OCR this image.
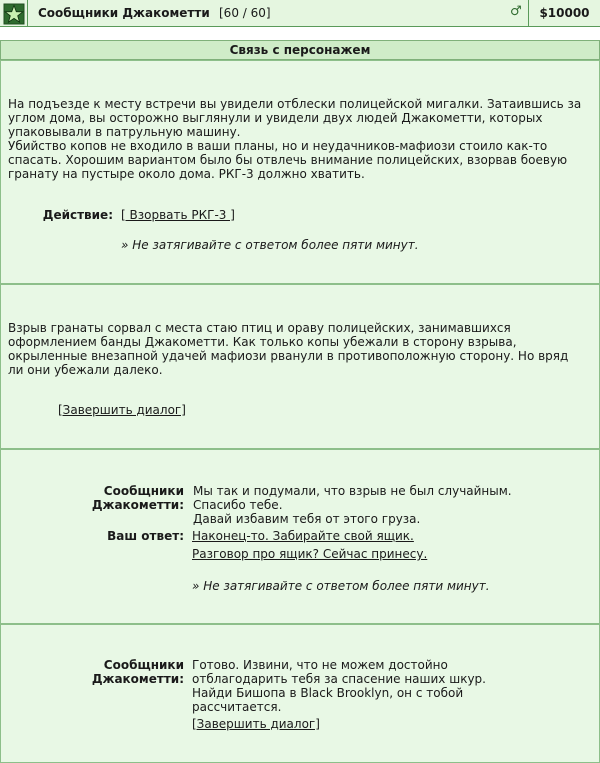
Сообщники Джакометти [60 / 60]	♂	$10000
Связь с персонажем
На подъезде к месту встречи вы увидели отблески полицейской мигалки. Затаившись за
углом дома, вы осторожно выглянули и увидели двух людей Джакометти, которых
упаковывали в патрульную машину.
Убийство копов не входило в ваши планы, но и неудачников-мафиози стоило как-то
спасать. Хорошим вариантом было бы отвлечь внимание полицейских, взорвав боевую
гранату на пустыре около дома. РКГ-3 должно хватить.
Действие: [ Взорвать РКГ-3 ]
» Не затягивайте с ответом более пяти минут.
Взрыв гранаты сорвал с места стаю птиц и ораву полицейских, занимавшихся
оформлением банды Джакометти. Как только копы убежали в сторону взрыва,
окрыленные внезапной удачей мафиози рванули в противоположную сторону. Но вряд
ли они убежали далеко.
[Завершить диалог]
Сообщники Джакометти:
Мы так и подумали, что взрыв не был случайным.
Спасибо тебе.
Давай избавим тебя от этого груза.
Ваш ответ: Наконец-то. Забирайте свой ящик.
Разговор про ящик? Сейчас принесу.
» Не затягивайте с ответом более пяти минут.
Сообщники Джакометти:
Готово. Извини, что не можем достойно
отблагодарить тебя за спасение наших шкур.
Найди Бишопа в Black Brooklyn, он с тобой
рассчитается.
[Завершить диалог]
